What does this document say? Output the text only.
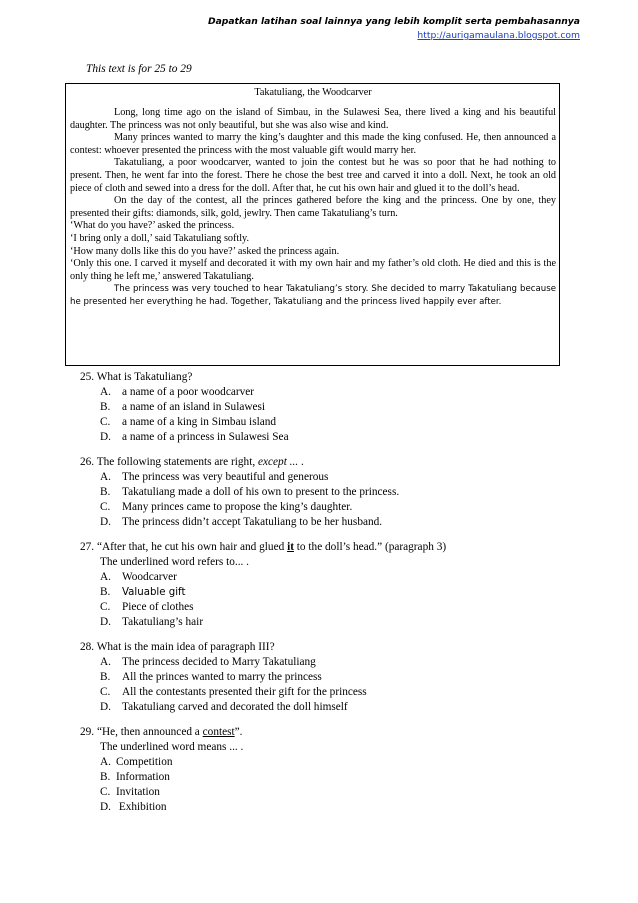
Dapatkan latihan soal lainnya yang lebih komplit serta pembahasannya
http://aurigamaulana.blogspot.com
This text is for 25 to 29
Takatuliang, the Woodcarver

Long, long time ago on the island of Simbau, in the Sulawesi Sea, there lived a king and his beautiful daughter. The princess was not only beautiful, but she was also wise and kind.

Many princes wanted to marry the king’s daughter and this made the king confused. He, then announced a contest: whoever presented the princess with the most valuable gift would marry her.

Takatuliang, a poor woodcarver, wanted to join the contest but he was so poor that he had nothing to present. Then, he went far into the forest. There he chose the best tree and carved it into a doll. Next, he took an old piece of cloth and sewed into a dress for the doll. After that, he cut his own hair and glued it to the doll’s head.

On the day of the contest, all the princes gathered before the king and the princess. One by one, they presented their gifts: diamonds, silk, gold, jewlry. Then came Takatuliang’s turn.

‘What do you have?’ asked the princess.

‘I bring only a doll,’ said Takatuliang softly.

‘How many dolls like this do you have?’ asked the princess again.

‘Only this one. I carved it myself and decorated it with my own hair and my father’s old cloth. He died and this is the only thing he left me,’ answered Takatuliang.

The princess was very touched to hear Takatuliang’s story. She decided to marry Takatuliang because he presented her everything he had. Together, Takatuliang and the princess lived happily ever after.

25. What is Takatuliang?
A. a name of a poor woodcarver
B.	a name of an island in Sulawesi
C.	a name of a king in Simbau island
D. a name of a princess in Sulawesi Sea
26. The following statements are right, except ... .
A. The princess was very beautiful and generous
B.	Takatuliang made a doll of his own to present to the princess.
C.	Many princes came to propose the king’s daughter.
D. The princess didn’t accept Takatuliang to be her husband.
27. “After that, he cut his own hair and glued it to the doll’s head.” (paragraph 3)
The underlined word refers to... .
A. Woodcarver
B.	Valuable gift
C.	Piece of clothes
D. Takatuliang’s hair
28. What is the main idea of paragraph III?
A. The princess decided to Marry Takatuliang
B.	All the princes wanted to marry the princess
C.	All the contestants presented their gift for the princess
D. Takatuliang carved and decorated the doll himself
29. “He, then announced a contest”.
The underlined word means ... .
A. Competition
B. Information
C. Invitation
D. Exhibition
